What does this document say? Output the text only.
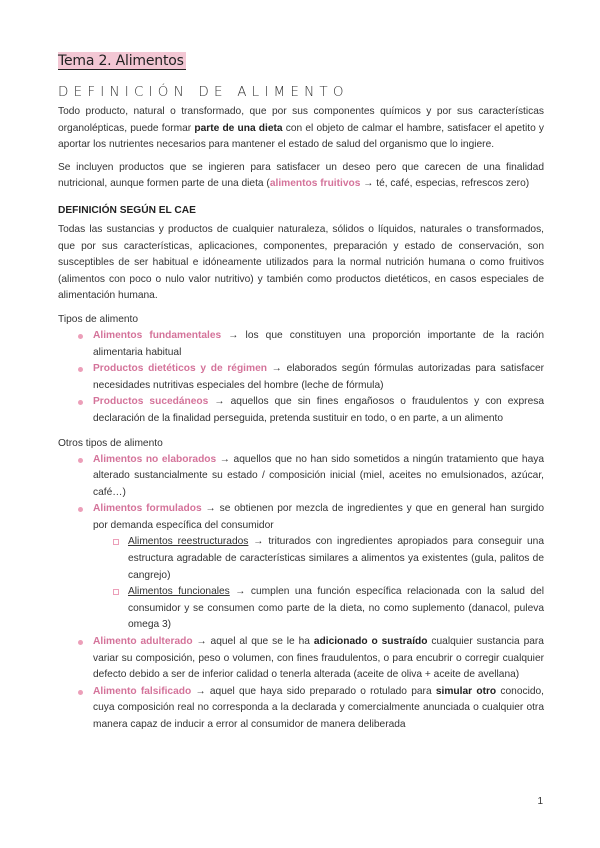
Tema 2. Alimentos
DEFINICIÓN DE ALIMENTO

Todo producto, natural o transformado, que por sus componentes químicos y por sus características organolépticas, puede formar parte de una dieta con el objeto de calmar el hambre, satisfacer el apetito y aportar los nutrientes necesarios para mantener el estado de salud del organismo que lo ingiere.

Se incluyen productos que se ingieren para satisfacer un deseo pero que carecen de una finalidad nutricional, aunque formen parte de una dieta (alimentos fruitivos → té, café, especias, refrescos zero)

DEFINICIÓN SEGÚN EL CAE

Todas las sustancias y productos de cualquier naturaleza, sólidos o líquidos, naturales o transformados, que por sus características, aplicaciones, componentes, preparación y estado de conservación, son susceptibles de ser habitual e idóneamente utilizados para la normal nutrición humana o como fruitivos (alimentos con poco o nulo valor nutritivo) y también como productos dietéticos, en casos especiales de alimentación humana.

Tipos de alimento
Alimentos fundamentales → los que constituyen una proporción importante de la ración alimentaria habitual
Productos dietéticos y de régimen → elaborados según fórmulas autorizadas para satisfacer necesidades nutritivas especiales del hombre (leche de fórmula)
Productos sucedáneos → aquellos que sin fines engañosos o fraudulentos y con expresa declaración de la finalidad perseguida, pretenda sustituir en todo, o en parte, a un alimento
Otros tipos de alimento
Alimentos no elaborados → aquellos que no han sido sometidos a ningún tratamiento que haya alterado sustancialmente su estado / composición inicial (miel, aceites no emulsionados, azúcar, café…)
Alimentos formulados → se obtienen por mezcla de ingredientes y que en general han surgido por demanda específica del consumidor
Alimentos reestructurados → triturados con ingredientes apropiados para conseguir una estructura agradable de características similares a alimentos ya existentes (gula, palitos de cangrejo)
Alimentos funcionales → cumplen una función específica relacionada con la salud del consumidor y se consumen como parte de la dieta, no como suplemento (danacol, puleva omega 3)
Alimento adulterado → aquel al que se le ha adicionado o sustraído cualquier sustancia para variar su composición, peso o volumen, con fines fraudulentos, o para encubrir o corregir cualquier defecto debido a ser de inferior calidad o tenerla alterada (aceite de oliva + aceite de avellana)
Alimento falsificado → aquel que haya sido preparado o rotulado para simular otro conocido, cuya composición real no corresponda a la declarada y comercialmente anunciada o cualquier otra manera capaz de inducir a error al consumidor de manera deliberada
1
